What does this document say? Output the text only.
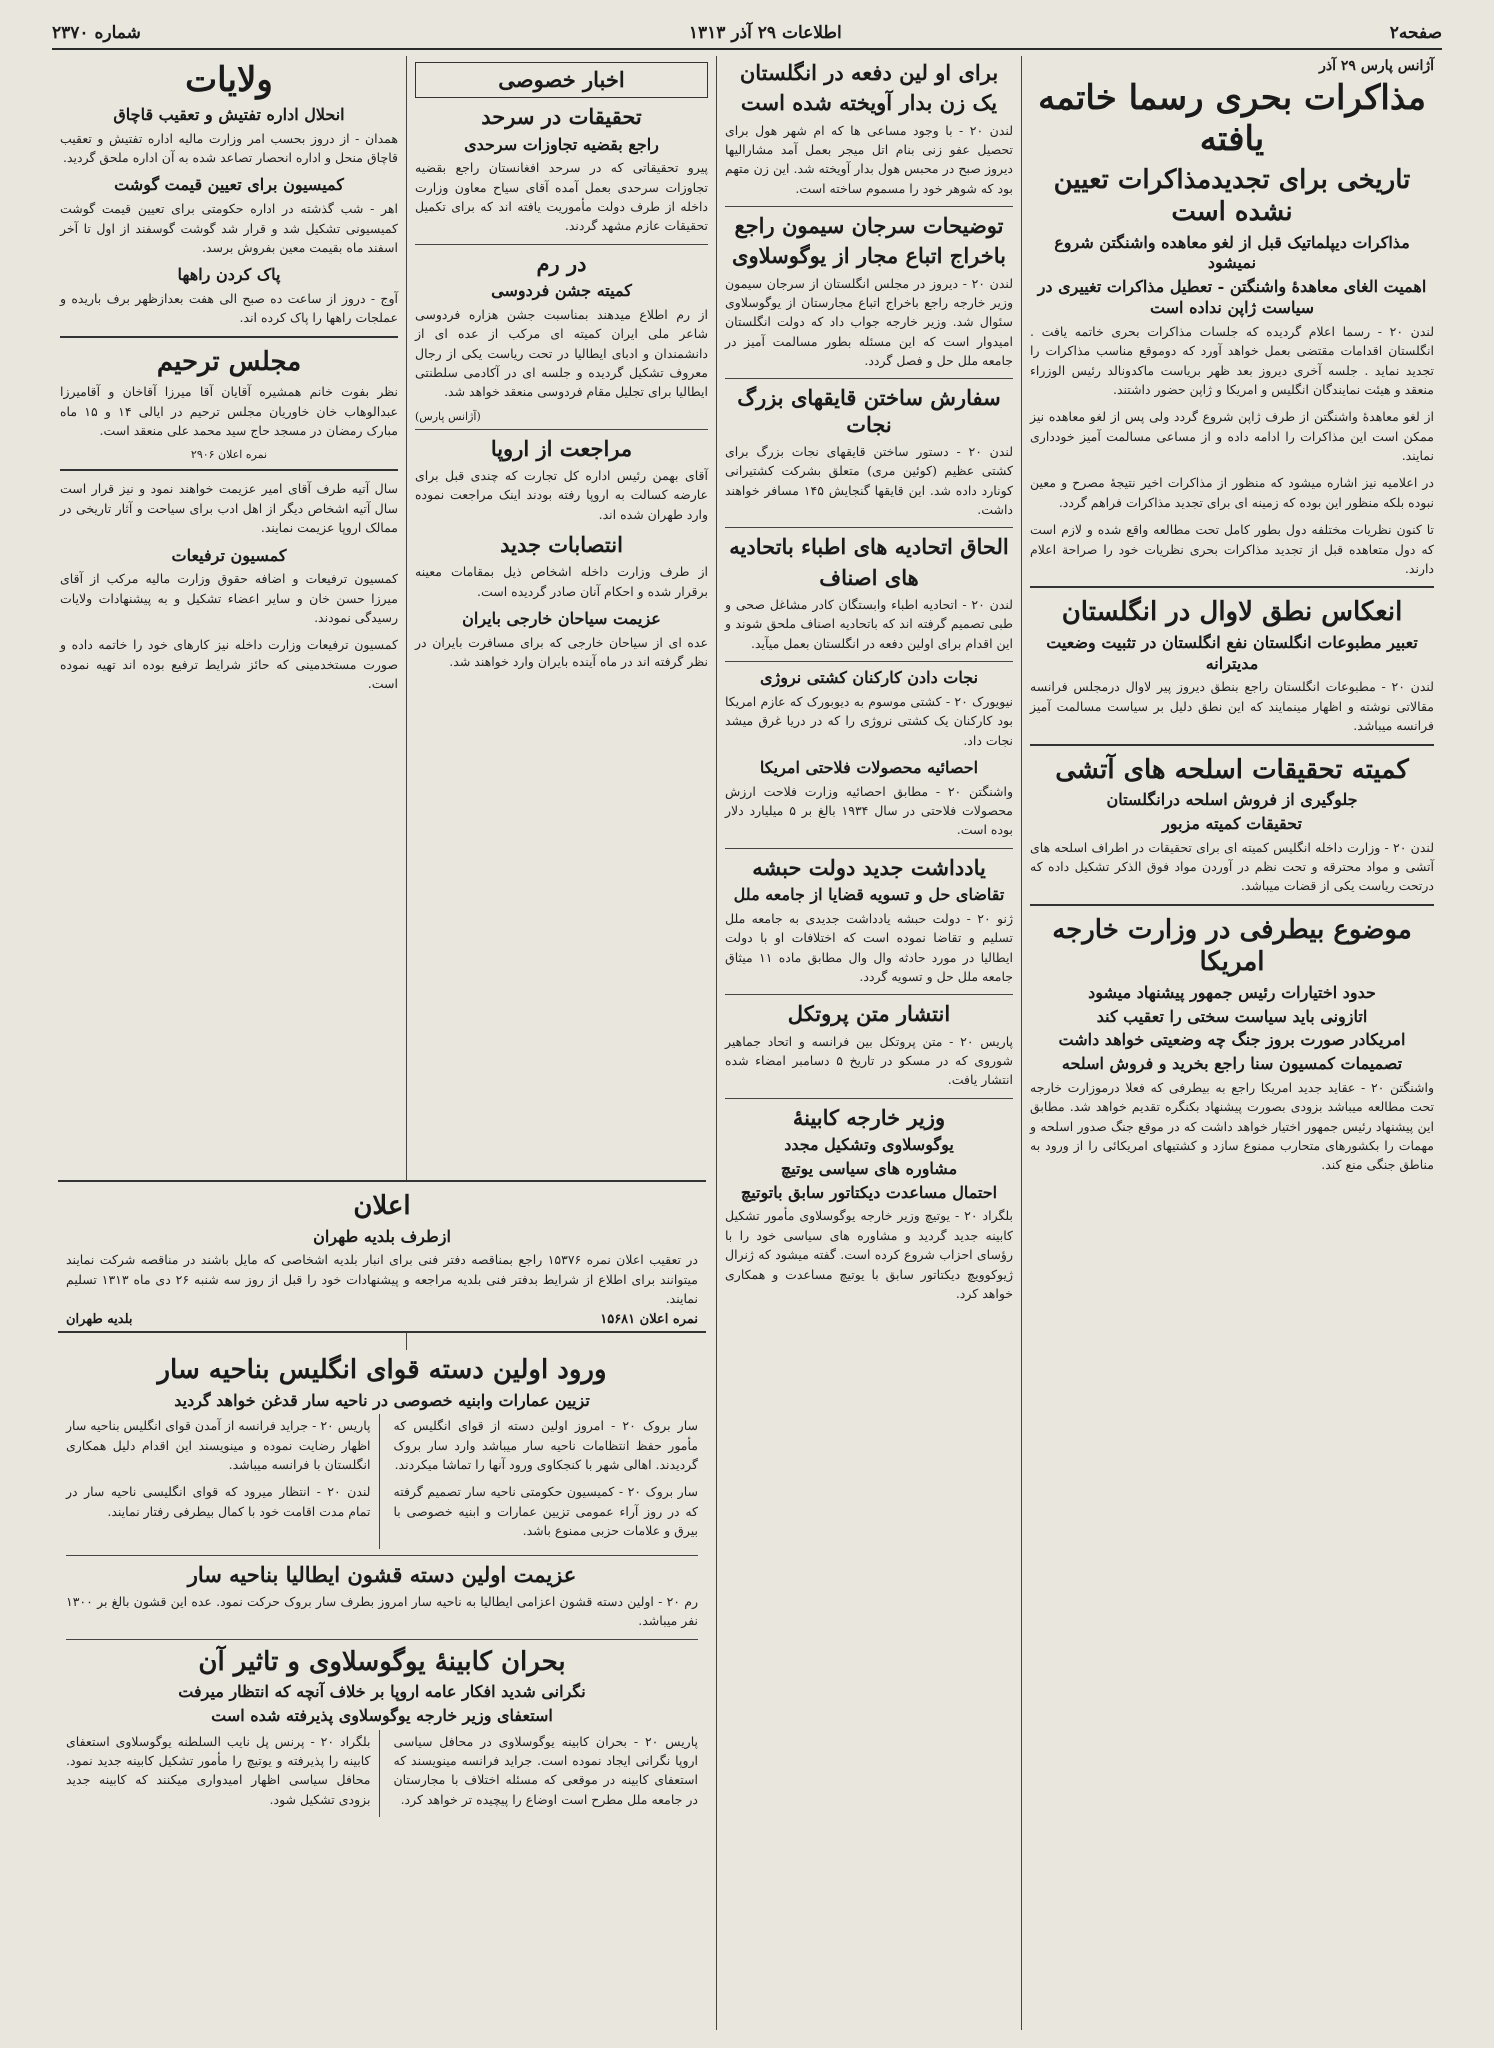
صفحه۲
اطلاعات ۲۹ آذر ۱۳۱۳
شماره ۲۳۷۰
آژانس پارس ۲۹ آذر
مذاکرات بحری رسما خاتمه یافته
تاریخی برای تجدیدمذاکرات تعیین نشده است
مذاکرات دیپلماتیک قبل از لغو معاهده واشنگتن شروع نمیشود
اهمیت الغای معاهدهٔ واشنگتن - تعطیل مذاکرات تغییری در سیاست ژاپن نداده است

لندن ۲۰ - رسما اعلام گردیده که جلسات مذاکرات بحری خاتمه یافت . انگلستان اقدامات مقتضی بعمل خواهد آورد که دوموقع مناسب مذاکرات را تجدید نماید . جلسه آخری دیروز بعد ظهر برياست ماكدونالد رئيس الوزراء منعقد و هیئت نمایندگان انگلیس و امریکا و ژاپن حضور داشتند.

از لغو معاهدهٔ واشنگتن از طرف ژاپن شروع گردد ولی پس از لغو معاهده نیز ممکن است این مذاکرات را ادامه داده و از مساعی مسالمت آمیز خودداری نمایند.

در اعلامیه نیز اشاره میشود که منظور از مذاکرات اخیر نتیجهٔ مصرح و معین نبوده بلکه منظور این بوده که زمینه ای برای تجدید مذاکرات فراهم گردد.

تا کنون نظریات مختلفه دول بطور کامل تحت مطالعه واقع شده و لازم است که دول متعاهده قبل از تجدید مذاکرات بحری نظریات خود را صراحة اعلام دارند.

انعکاس نطق لاوال در انگلستان
تعبیر مطبوعات انگلستان نفع انگلستان در تثبیت وضعیت مدیترانه

لندن ۲۰ - مطبوعات انگلستان راجع بنطق دیروز پیر لاوال درمجلس فرانسه مقالاتی نوشته و اظهار مینمایند که این نطق دلیل بر سیاست مسالمت آمیز فرانسه میباشد.

کمیته تحقیقات اسلحه های آتشی
جلوگیری از فروش اسلحه درانگلستان
تحقیقات کمیته مزبور

لندن ۲۰ - وزارت داخله انگلیس کمیته ای برای تحقیقات در اطراف اسلحه های آتشی و مواد محترقه و تحت نظم در آوردن مواد فوق الذکر تشکیل داده که درتحت ریاست یکی از قضات میباشد.

موضوع بیطرفی در وزارت خارجه امریکا
حدود اختیارات رئیس جمهور پیشنهاد میشود
اتازونی باید سیاست سختی را تعقیب کند
امریکادر صورت بروز جنگ چه وضعیتی خواهد داشت
تصمیمات کمسیون سنا راجع بخرید و فروش اسلحه

واشنگتن ۲۰ - عقاید جدید امریکا راجع به بیطرفی که فعلا درموزارت خارجه تحت مطالعه میباشد بزودی بصورت پیشنهاد بکنگره تقدیم خواهد شد. مطابق این پیشنهاد رئیس جمهور اختیار خواهد داشت که در موقع جنگ صدور اسلحه و مهمات را بکشورهای متحارب ممنوع سازد و کشتیهای امریکائی را از ورود به مناطق جنگی منع کند.

برای او لین دفعه در انگلستان
یک زن بدار آویخته شده است

لندن ۲۰ - با وجود مساعی ها که ام شهر هول برای تحصیل عفو زنی بنام اتل میجر بعمل آمد مشارالیها دیروز صبح در محبس هول بدار آویخته شد. این زن متهم بود که شوهر خود را مسموم ساخته است.

توضیحات سرجان سیمون راجع
باخراج اتباع مجار از یوگوسلاوی

لندن ۲۰ - دیروز در مجلس انگلستان از سرجان سیمون وزیر خارجه راجع باخراج اتباع مجارستان از یوگوسلاوی سئوال شد. وزیر خارجه جواب داد که دولت انگلستان امیدوار است که این مسئله بطور مسالمت آمیز در جامعه ملل حل و فصل گردد.

سفارش ساختن قایقهای بزرگ نجات

لندن ۲۰ - دستور ساختن قایقهای نجات بزرگ برای کشتی عظیم (کوئین مری) متعلق بشرکت کشتیرانی کونارد داده شد. این قایقها گنجایش ۱۴۵ مسافر خواهند داشت.

الحاق اتحادیه های اطباء باتحادیه
های اصناف

لندن ۲۰ - اتحادیه اطباء وابستگان کادر مشاغل صحی و طبی تصمیم گرفته اند که باتحادیه اصناف ملحق شوند و این اقدام برای اولین دفعه در انگلستان بعمل میآید.

نجات دادن کارکنان کشتی نروژی

نیویورک ۲۰ - کشتی موسوم به دیوبورک که عازم امریکا بود کارکنان یک کشتی نروژی را که در دریا غرق میشد نجات داد.

احصائیه محصولات فلاحتی امریکا

واشنگتن ۲۰ - مطابق احصائیه وزارت فلاحت ارزش محصولات فلاحتی در سال ۱۹۳۴ بالغ بر ۵ میلیارد دلار بوده است.

یادداشت جدید دولت حبشه
تقاضای حل و تسویه قضایا از جامعه ملل

ژنو ۲۰ - دولت حبشه یادداشت جدیدی به جامعه ملل تسلیم و تقاضا نموده است که اختلافات او با دولت ایطالیا در مورد حادثه وال وال مطابق ماده ۱۱ میثاق جامعه ملل حل و تسویه گردد.

انتشار متن پروتکل

پاریس ۲۰ - متن پروتکل بین فرانسه و اتحاد جماهیر شوروی که در مسکو در تاریخ ۵ دسامبر امضاء شده انتشار یافت.

وزیر خارجه کابینهٔ
یوگوسلاوی وتشکیل مجدد
مشاوره های سیاسی یوتیچ
احتمال مساعدت دیکتاتور سابق باتوتیچ

بلگراد ۲۰ - یوتیچ وزیر خارجه یوگوسلاوی مأمور تشکیل کابینه جدید گردید و مشاوره های سیاسی خود را با رؤسای احزاب شروع کرده است. گفته میشود که ژنرال ژیوکوویچ دیکتاتور سابق با یوتیچ مساعدت و همکاری خواهد کرد.

اخبار خصوصی
تحقیقات در سرحد
راجع بقضیه تجاوزات سرحدی

پیرو تحقیقاتی که در سرحد افغانستان راجع بقضیه تجاوزات سرحدی بعمل آمده آقای سیاح معاون وزارت داخله از طرف دولت مأموریت یافته اند که برای تکمیل تحقیقات عازم مشهد گردند.

در رم
کمیته جشن فردوسی

از رم اطلاع میدهند بمناسبت جشن هزاره فردوسی شاعر ملی ایران کمیته ای مرکب از عده ای از دانشمندان و ادبای ایطالیا در تحت ریاست یکی از رجال معروف تشکیل گردیده و جلسه ای در آکادمی سلطنتی ایطالیا برای تجلیل مقام فردوسی منعقد خواهد شد.

(آژانس پارس)
مراجعت از اروپا

آقای بهمن رئیس اداره کل تجارت که چندی قبل برای عارضه کسالت به اروپا رفته بودند اینک مراجعت نموده وارد طهران شده اند.

انتصابات جدید

از طرف وزارت داخله اشخاص ذیل بمقامات معینه برقرار شده و احکام آنان صادر گردیده است.

عزیمت سیاحان خارجی بایران

عده ای از سیاحان خارجی که برای مسافرت بایران در نظر گرفته اند در ماه آینده بایران وارد خواهند شد.

ولایات
انحلال اداره تفتیش و تعقیب قاچاق

همدان - از دروز بحسب امر وزارت ماليه اداره تفتیش و تعقیب قاچاق منحل و اداره انحصار تصاعد شده به آن اداره ملحق گردید.

کمیسیون برای تعیین قیمت گوشت

اهر - شب گذشته در اداره حکومتی برای تعیین قیمت گوشت کمیسیونی تشکیل شد و قرار شد گوشت گوسفند از اول تا آخر اسفند ماه بقیمت معین بفروش برسد.

پاک کردن راهها

آوج - دروز از ساعت ده صبح الی هفت بعدازظهر برف باریده و عملجات راهها را پاک کرده اند.

مجلس ترحیم

نظر بفوت خانم همشیره آقایان آقا میرزا آقاخان و آقامیرزا عبدالوهاب خان خاوریان مجلس ترحیم در ایالی ۱۴ و ۱۵ ماه مبارک رمضان در مسجد حاج سید محمد علی منعقد است.

نمره اعلان ۲۹۰۶

سال آتیه طرف آقای امیر عزیمت خواهند نمود و نیز قرار است سال آتیه اشخاص دیگر از اهل ادب برای سیاحت و آثار تاریخی در ممالک اروپا عزیمت نمایند.

کمسیون ترفیعات

کمسیون ترفیعات و اضافه حقوق وزارت مالیه مرکب از آقای میرزا حسن خان و سایر اعضاء تشکیل و به پیشنهادات ولایات رسیدگی نمودند.

کمسیون ترفیعات وزارت داخله نیز کارهای خود را خاتمه داده و صورت مستخدمینی که حائز شرایط ترفیع بوده اند تهیه نموده است.

اعلان
ازطرف بلدیه طهران

در تعقیب اعلان نمره ۱۵۳۷۶ راجع بمناقصه دفتر فنی برای انبار بلدیه اشخاصی که مایل باشند در مناقصه شرکت نمایند میتوانند برای اطلاع از شرایط بدفتر فنی بلدیه مراجعه و پیشنهادات خود را قبل از روز سه شنبه ۲۶ دی ماه ۱۳۱۳ تسلیم نمایند.

نمره اعلان ۱۵۶۸۱
بلدیه طهران
ورود اولین دسته قوای انگلیس بناحیه سار
تزیین عمارات وابنیه خصوصی در ناحیه سار قدغن خواهد گردید

سار بروک ۲۰ - امروز اولین دسته از قوای انگلیس که مأمور حفظ انتظامات ناحیه سار میباشد وارد سار بروک گردیدند. اهالی شهر با کنجکاوی ورود آنها را تماشا میکردند.

سار بروک ۲۰ - کمیسیون حکومتی ناحیه سار تصمیم گرفته که در روز آراء عمومی تزیین عمارات و ابنیه خصوصی با بیرق و علامات حزبی ممنوع باشد.

پاریس ۲۰ - جراید فرانسه از آمدن قوای انگلیس بناحیه سار اظهار رضایت نموده و مینویسند این اقدام دلیل همکاری انگلستان با فرانسه میباشد.

لندن ۲۰ - انتظار میرود که قوای انگلیسی ناحیه سار در تمام مدت اقامت خود با کمال بیطرفی رفتار نمایند.

عزیمت اولین دسته قشون ایطالیا بناحیه سار

رم ۲۰ - اولین دسته قشون اعزامی ایطالیا به ناحیه سار امروز بطرف سار بروک حرکت نمود. عده این قشون بالغ بر ۱۳۰۰ نفر میباشد.

بحران کابینهٔ یوگوسلاوی و تاثیر آن
نگرانی شدید افکار عامه اروپا بر خلاف آنچه که انتظار میرفت
استعفای وزیر خارجه یوگوسلاوی پذیرفته شده است

پاریس ۲۰ - بحران کابینه یوگوسلاوی در محافل سیاسی اروپا نگرانی ایجاد نموده است. جراید فرانسه مینویسند که استعفای کابینه در موقعی که مسئله اختلاف با مجارستان در جامعه ملل مطرح است اوضاع را پیچیده تر خواهد کرد.

بلگراد ۲۰ - پرنس پل نایب السلطنه یوگوسلاوی استعفای کابینه را پذیرفته و یوتیچ را مأمور تشکیل کابینه جدید نمود. محافل سیاسی اظهار امیدواری میکنند که کابینه جدید بزودی تشکیل شود.
